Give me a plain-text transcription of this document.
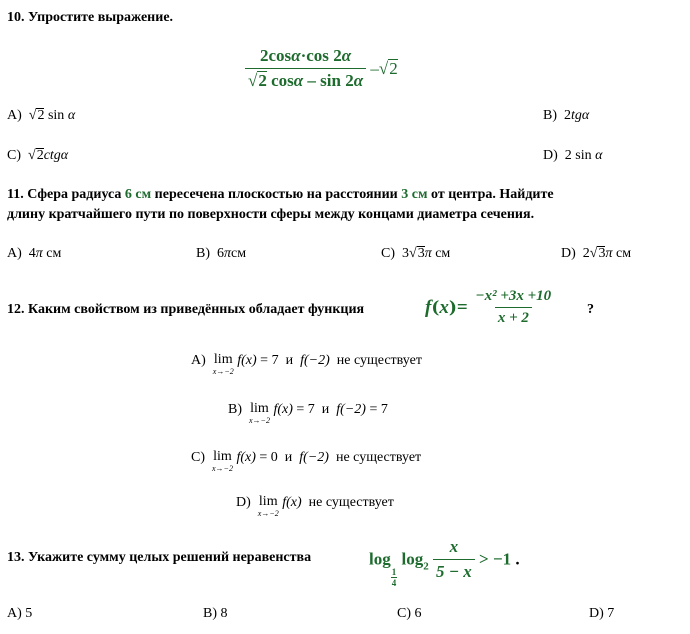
10. Упростите выражение.
$\frac{2\cos\alpha\cdot\cos 2\alpha}{√2 \cos\alpha - \sin 2\alpha} -√2$
А) √2 sin α	B) 2tgα
C) √2ctgα	D) 2 sin α
11. Сфера радиуса 6 см пересечена плоскостью на расстоянии 3 см от центра. Найдите
длину кратчайшего пути по поверхности сферы между концами диаметра сечения.
А) 4π см	B) 6πсм	C) 3√3π см	D) 2√3π см
12. Каким свойством из приведённых обладает функция	$f(x)= \frac{\text{−x² +3x +10}}{x + 2}$ ?
А) lim
x→−2
f(x) = 7 и f(−2) не существует
B) lim
x→−2
f(x) = 7 и f(−2) = 7
C) lim
x→−2
f(x) = 0 и f(−2) не существует
D) lim
x→−2
f(x) не существует
13. Укажите сумму целых решений неравенства	log
$\frac{1}{4}$
$\log_2 \frac{x}{5 - x} > -1$ .
А) 5	B) 8	C) 6	D) 7
